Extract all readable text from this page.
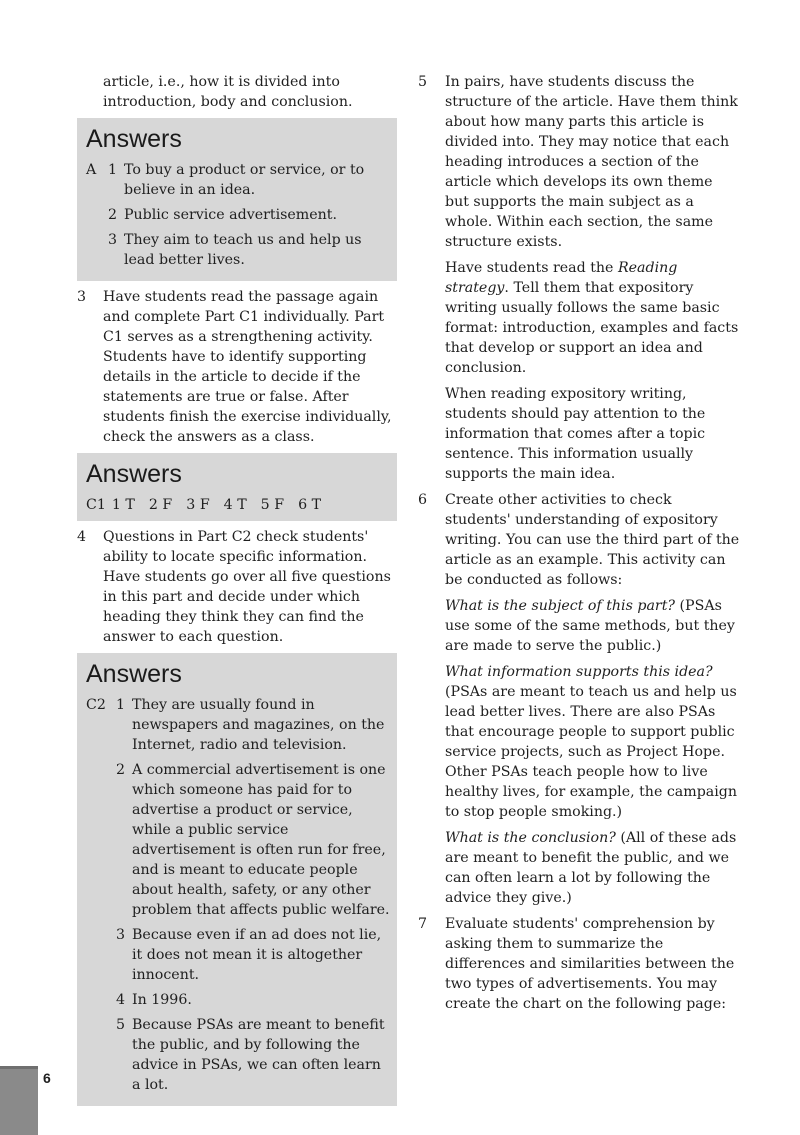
article, i.e., how it is divided into introduction, body and conclusion.
Answers
A 1 To buy a product or service, or to believe in an idea.
2 Public service advertisement.
3 They aim to teach us and help us lead better lives.
3 Have students read the passage again and complete Part C1 individually. Part C1 serves as a strengthening activity. Students have to identify supporting details in the article to decide if the statements are true or false. After students finish the exercise individually, check the answers as a class.
Answers
C1 1 T 2 F 3 F 4 T 5 F 6 T
4 Questions in Part C2 check students' ability to locate specific information. Have students go over all five questions in this part and decide under which heading they think they can find the answer to each question.
Answers
C2 1 They are usually found in newspapers and magazines, on the Internet, radio and television.
2 A commercial advertisement is one which someone has paid for to advertise a product or service, while a public service advertisement is often run for free, and is meant to educate people about health, safety, or any other problem that affects public welfare.
3 Because even if an ad does not lie, it does not mean it is altogether innocent.
4 In 1996.
5 Because PSAs are meant to benefit the public, and by following the advice in PSAs, we can often learn a lot.
5 In pairs, have students discuss the structure of the article. Have them think about how many parts this article is divided into. They may notice that each heading introduces a section of the article which develops its own theme but supports the main subject as a whole. Within each section, the same structure exists.
Have students read the Reading strategy. Tell them that expository writing usually follows the same basic format: introduction, examples and facts that develop or support an idea and conclusion.
When reading expository writing, students should pay attention to the information that comes after a topic sentence. This information usually supports the main idea.
6 Create other activities to check students' understanding of expository writing. You can use the third part of the article as an example. This activity can be conducted as follows:
What is the subject of this part? (PSAs use some of the same methods, but they are made to serve the public.)
What information supports this idea? (PSAs are meant to teach us and help us lead better lives. There are also PSAs that encourage people to support public service projects, such as Project Hope. Other PSAs teach people how to live healthy lives, for example, the campaign to stop people smoking.)
What is the conclusion? (All of these ads are meant to benefit the public, and we can often learn a lot by following the advice they give.)
7 Evaluate students' comprehension by asking them to summarize the differences and similarities between the two types of advertisements. You may create the chart on the following page:
6
